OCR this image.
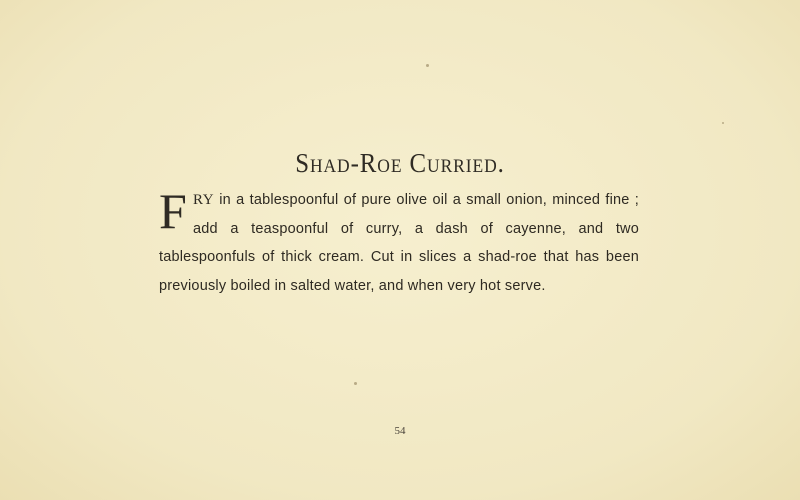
Shad-Roe Curried.
FRY in a tablespoonful of pure olive oil a small onion, minced fine ; add a teaspoonful of curry, a dash of cayenne, and two tablespoonfuls of thick cream. Cut in slices a shad-roe that has been previously boiled in salted water, and when very hot serve.
54
